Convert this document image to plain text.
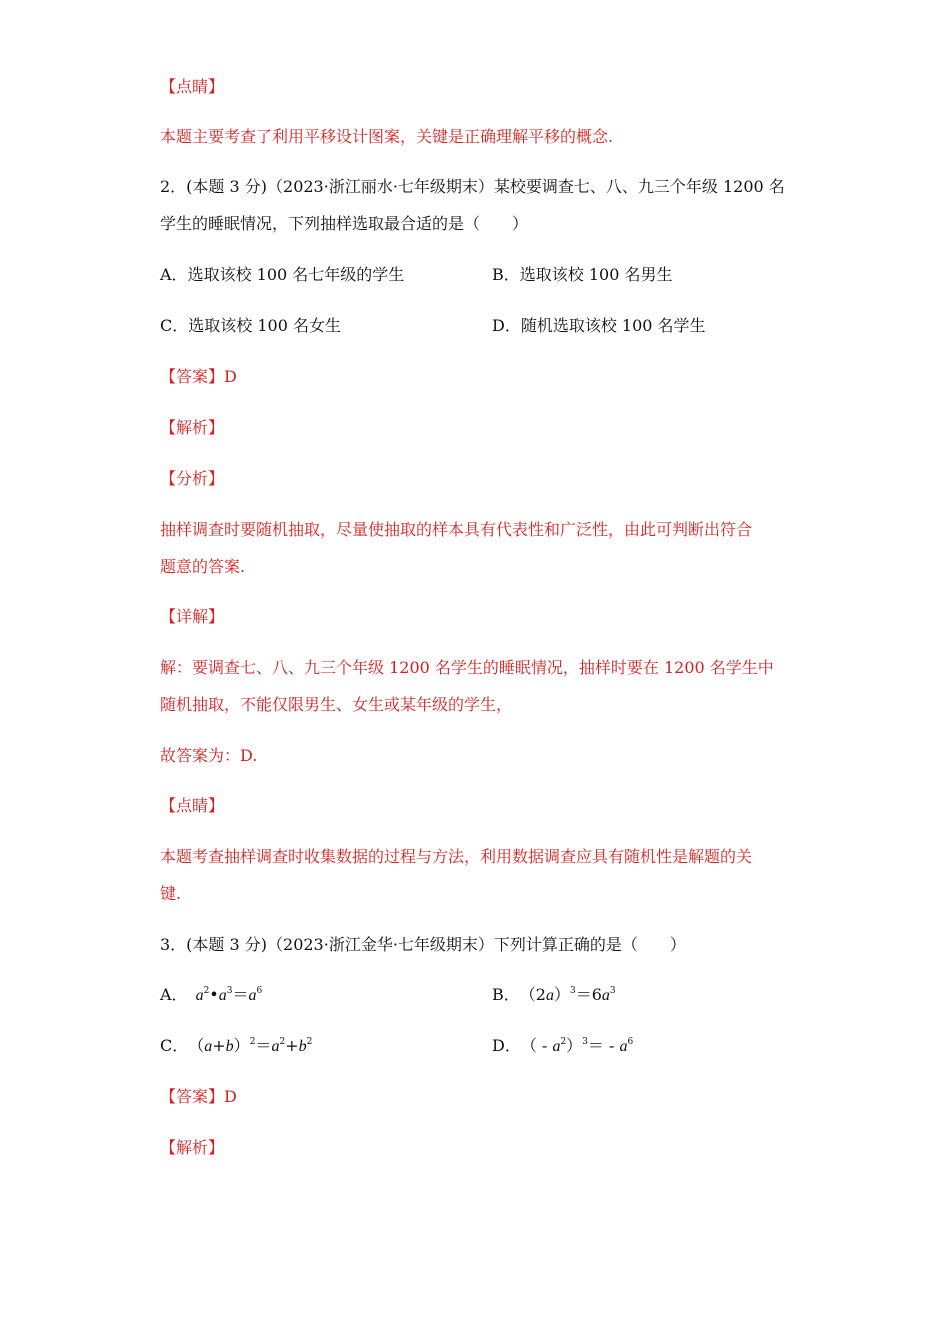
【点睛】
本题主要考查了利用平移设计图案，关键是正确理解平移的概念.
2．(本题 3 分)（2023·浙江丽水·七年级期末）某校要调查七、八、九三个年级 1200 名
学生的睡眠情况，下列抽样选取最合适的是（　　）
A．选取该校 100 名七年级的学生	B．选取该校 100 名男生
C．选取该校 100 名女生	D．随机选取该校 100 名学生
【答案】D
【解析】
【分析】
抽样调查时要随机抽取，尽量使抽取的样本具有代表性和广泛性，由此可判断出符合
题意的答案.
【详解】
解：要调查七、八、九三个年级 1200 名学生的睡眠情况，抽样时要在 1200 名学生中
随机抽取，不能仅限男生、女生或某年级的学生，
故答案为：D.
【点睛】
本题考查抽样调查时收集数据的过程与方法，利用数据调查应具有随机性是解题的关
键.
3．(本题 3 分)（2023·浙江金华·七年级期末）下列计算正确的是（　　）
A． $a^2•a^3=a^6$	B． $(2a)^3=6a^3$
C． $(a+b)^2=a^2+b^2$	D． （ - $a^2)^3= - a^6$
【答案】D
【解析】
